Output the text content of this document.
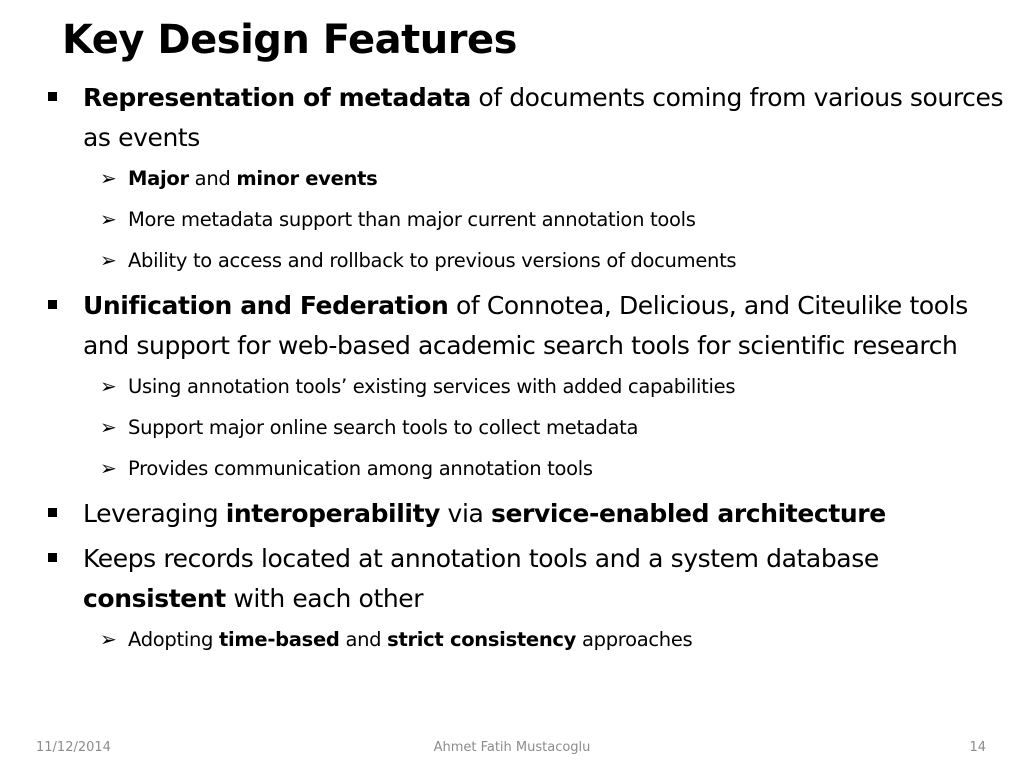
Key Design Features
Representation of metadata of documents coming from various sources as events
➢ Major and minor events
➢ More metadata support than major current annotation tools
➢ Ability to access and rollback to previous versions of documents
Unification and Federation of Connotea, Delicious, and Citeulike tools and support for web-based academic search tools for scientific research
➢ Using annotation tools’ existing services with added capabilities
➢ Support major online search tools to collect metadata
➢ Provides communication among annotation tools
Leveraging interoperability via service-enabled architecture
Keeps records located at annotation tools and a system database consistent with each other
➢ Adopting time-based and strict consistency approaches
11/12/2014	Ahmet Fatih Mustacoglu	14
